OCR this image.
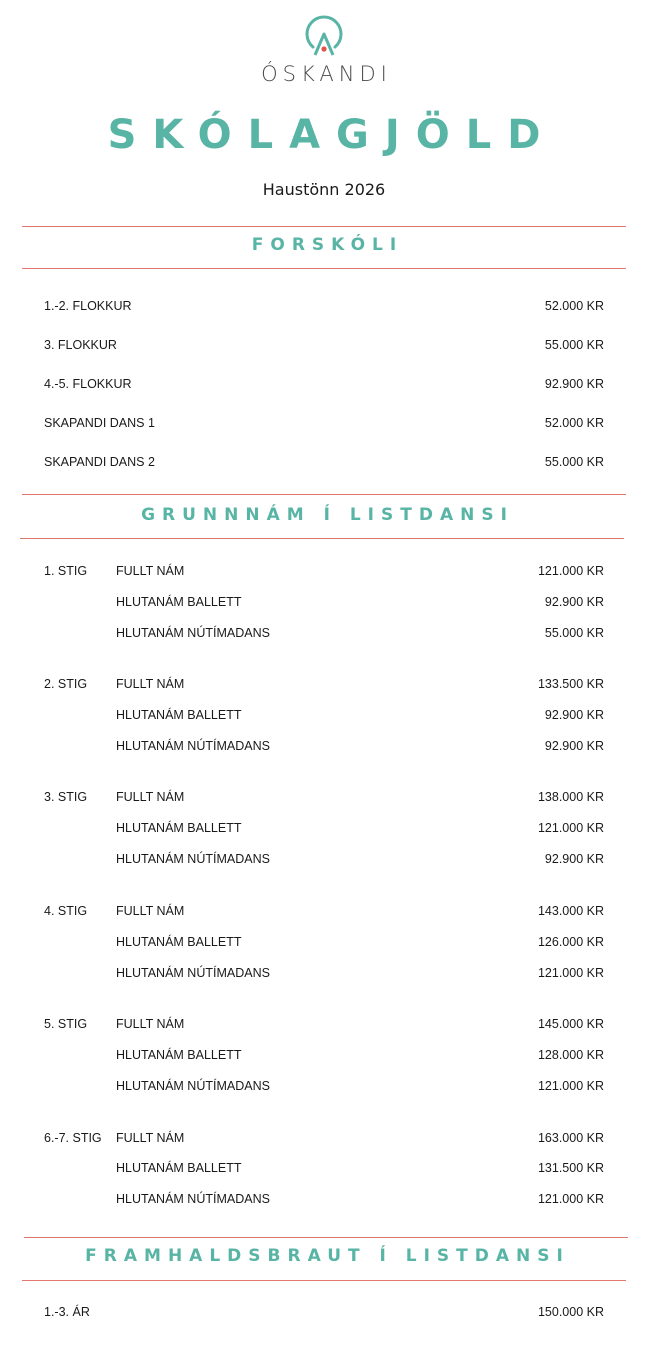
ÓSKANDI
SKÓLAGJÖLD
Haustönn 2026
FORSKÓLI
1.-2. FLOKKUR	52.000 KR
3. FLOKKUR	55.000 KR
4.-5. FLOKKUR	92.900 KR
SKAPANDI DANS 1	52.000 KR
SKAPANDI DANS 2	55.000 KR
GRUNNNÁM Í LISTDANSI
1. STIG FULLT NÁM	121.000 KR
HLUTANÁM BALLETT	92.900 KR
HLUTANÁM NÚTÍMADANS	55.000 KR
2. STIG FULLT NÁM	133.500 KR
HLUTANÁM BALLETT	92.900 KR
HLUTANÁM NÚTÍMADANS	92.900 KR
3. STIG FULLT NÁM	138.000 KR
HLUTANÁM BALLETT	121.000 KR
HLUTANÁM NÚTÍMADANS	92.900 KR
4. STIG FULLT NÁM	143.000 KR
HLUTANÁM BALLETT	126.000 KR
HLUTANÁM NÚTÍMADANS	121.000 KR
5. STIG FULLT NÁM	145.000 KR
HLUTANÁM BALLETT	128.000 KR
HLUTANÁM NÚTÍMADANS	121.000 KR
6.-7. STIG FULLT NÁM	163.000 KR
HLUTANÁM BALLETT	131.500 KR
HLUTANÁM NÚTÍMADANS	121.000 KR
FRAMHALDSBRAUT Í LISTDANSI
1.-3. ÁR	150.000 KR
